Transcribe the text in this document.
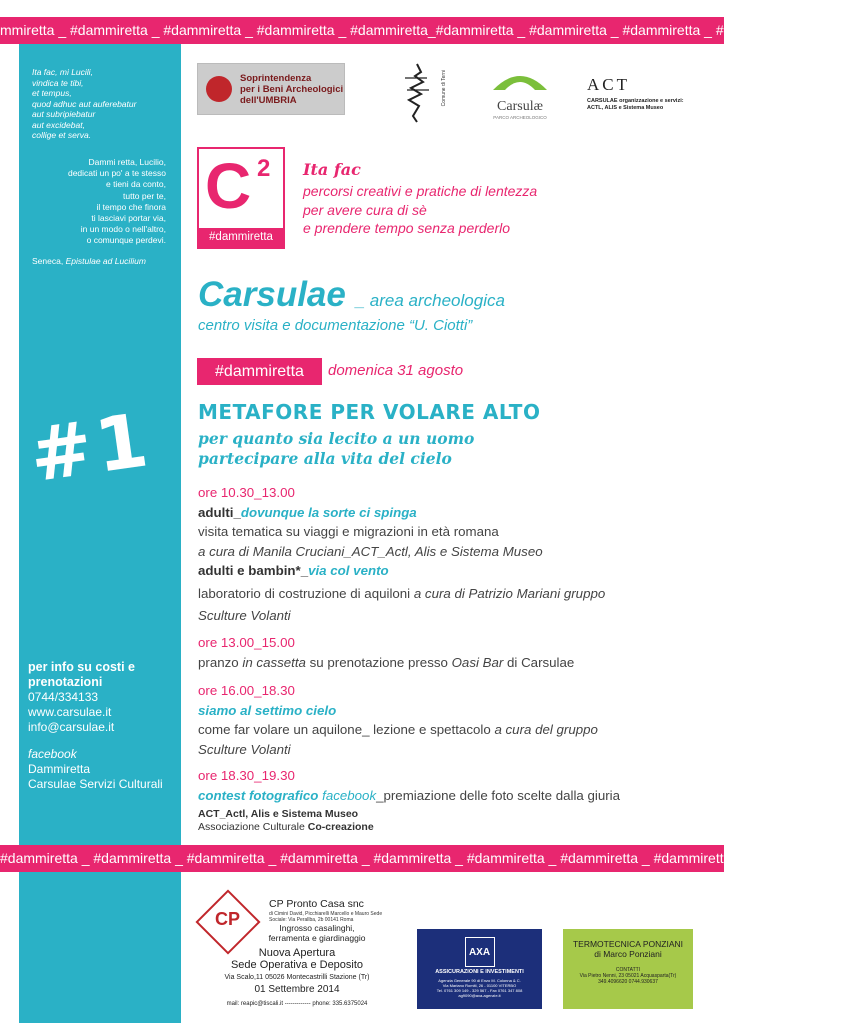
mmiretta _ #dammiretta _ #dammiretta _ #dammiretta _ #dammiretta_#dammiretta _ #dammiretta _ #dammiretta _ #dammiretta _ #dammi
Ita fac, mi Lucili,
vindica te tibi,
et tempus,
quod adhuc aut auferebatur
aut subripiebatur
aut excidebat,
collige et serva.
Dammi retta, Lucilio,
dedicati un po' a te stesso
e tieni da conto,
tutto per te,
il tempo che finora
ti lasciavi portar via,
in un modo o nell'altro,
o comunque perdevi.
Seneca, Epistulae ad Lucilium
#1
per info su costi e
prenotazioni
0744/334133
www.carsulae.it
info@carsulae.it
facebook
Dammiretta
Carsulae Servizi Culturali
Soprintendenza
per i Beni Archeologici
dell'UMBRIA	Comune di Terni
Carsulæ
PARCO ARCHEOLOGICO
ACT
CARSULAE organizzazione e servizi:
ACTL, ALIS e Sistema Museo
C 2
#dammiretta
Ita fac
percorsi creativi e pratiche di lentezza
per avere cura di sè
e prendere tempo senza perderlo
Carsulae _ area archeologica
centro visita e documentazione “U. Ciotti”
#dammiretta	domenica 31 agosto
METAFORE PER VOLARE ALTO
per quanto sia lecito a un uomo
partecipare alla vita del cielo
ore 10.30_13.00
adulti_dovunque la sorte ci spinga
visita tematica su viaggi e migrazioni in età romana
a cura di Manila Cruciani_ACT_Actl, Alis e Sistema Museo
adulti e bambin*_via col vento
laboratorio di costruzione di aquiloni a cura di Patrizio Mariani gruppo
Sculture Volanti
ore 13.00_15.00
pranzo in cassetta su prenotazione presso Oasi Bar di Carsulae
ore 16.00_18.30
siamo al settimo cielo
come far volare un aquilone_ lezione e spettacolo a cura del gruppo
Sculture Volanti
ore 18.30_19.30
contest fotografico facebook_premiazione delle foto scelte dalla giuria
ACT_Actl, Alis e Sistema Museo
Associazione Culturale Co-creazione
#dammiretta _ #dammiretta _ #dammiretta _ #dammiretta _ #dammiretta _ #dammiretta _ #dammiretta _ #dammiretta_#dammiretta _ #
CP
CP Pronto Casa snc
di Cimini David, Picchiarelli Marcello e Mauro Sede Sociale: Via Perallba, 2b 00141 Roma
Ingrosso casalinghi,
ferramenta e giardinaggio
Nuova Apertura
Sede Operativa e Deposito
Via Scalo,11 05026 Montecastrilli Stazione (Tr)
01 Settembre 2014
mail: reapic@tiscali.it ------------- phone: 335.6375024
AXA
ASSICURAZIONI E INVESTIMENTI
Agenzia Generale 90 di Enzo M. Colonna & C.
Via Mariano Romiti, 26 - 01100 VITERBO
Tel. 0761 309 149 - 329 567 - Fax 0761 347 808
ag9090@axa-agenzie.it
TERMOTECNICA PONZIANI
di Marco Ponziani
CONTATTI
Via Pietro Nenni, 23 05021 Acquasparta(Tr)
349.4096620 0744.930637
